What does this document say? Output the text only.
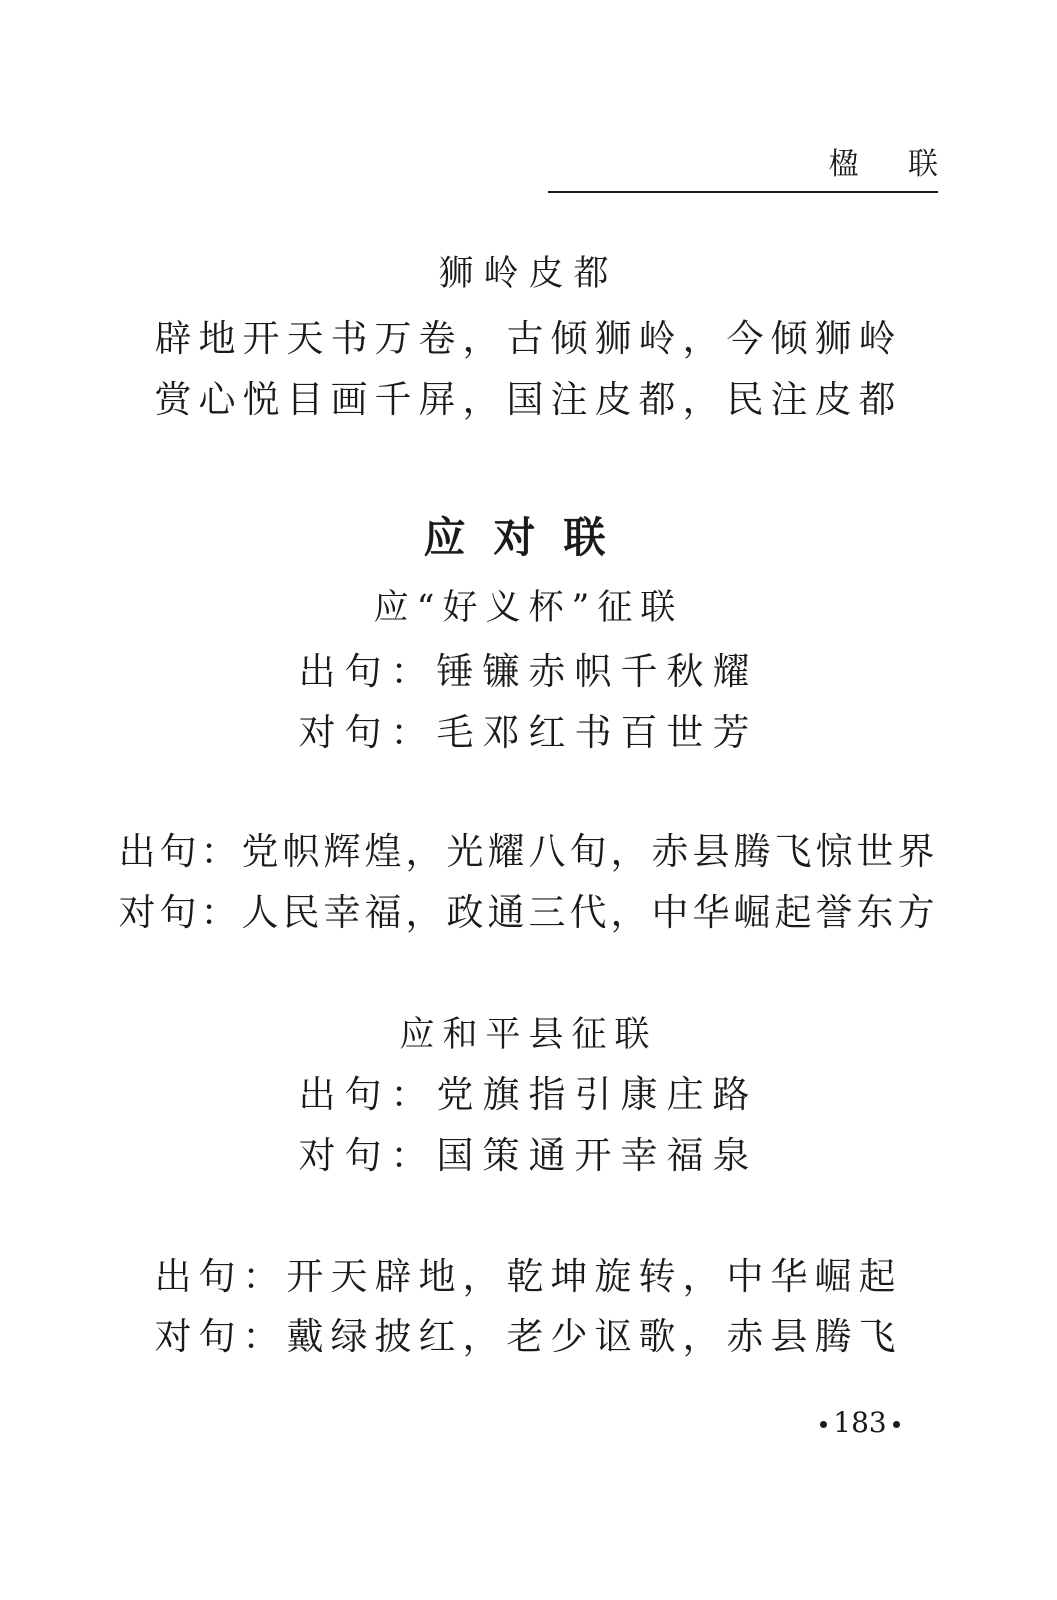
楹 联
狮岭皮都
辟地开天书万卷，古倾狮岭，今倾狮岭
赏心悦目画千屏，国注皮都，民注皮都
应对联
应“好义杯”征联
出句：锤镰赤帜千秋耀
对句：毛邓红书百世芳
出句：党帜辉煌，光耀八旬，赤县腾飞惊世界
对句：人民幸福，政通三代，中华崛起誉东方
应和平县征联
出句：党旗指引康庄路
对句：国策通开幸福泉
出句：开天辟地，乾坤旋转，中华崛起
对句：戴绿披红，老少讴歌，赤县腾飞
183
